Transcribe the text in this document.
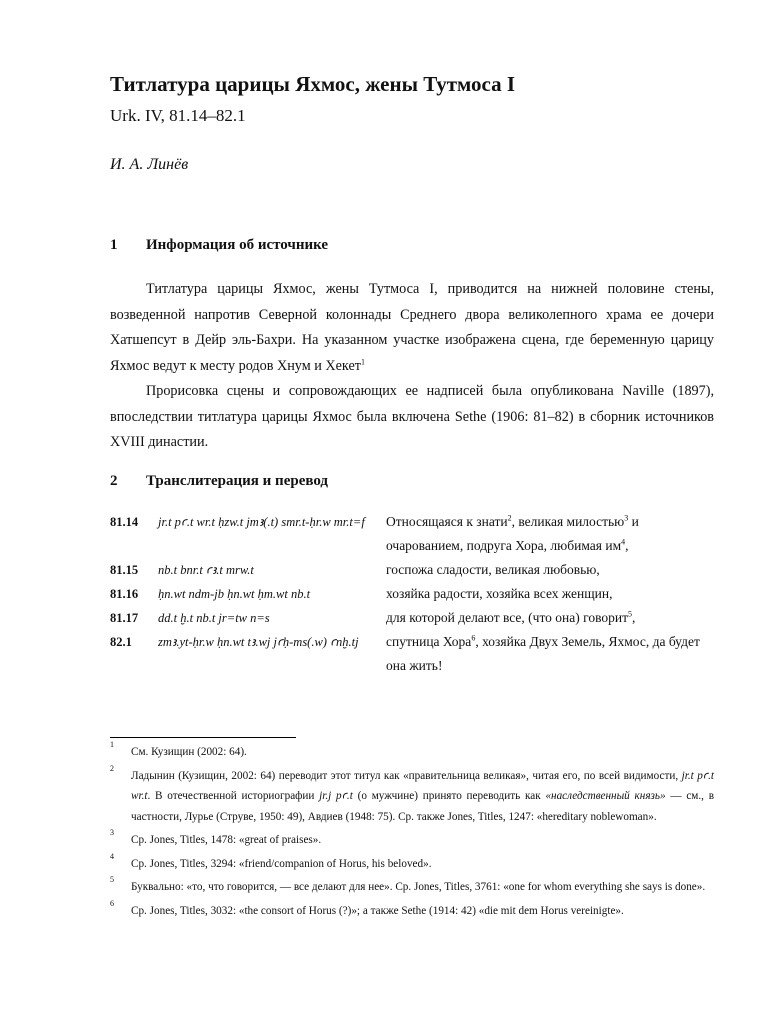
Титлатура царицы Яхмос, жены Тутмоса I
Urk. IV, 81.14–82.1
И. А. Линёв
1 Информация об источнике

Титлатура царицы Яхмос, жены Тутмоса I, приводится на нижней половине стены, возведенной напротив Северной колоннады Среднего двора великолепного храма ее дочери Хатшепсут в Дейр эль-Бахри. На указанном участке изображена сцена, где беременную царицу Яхмос ведут к месту родов Хнум и Хекет$^1$

Прорисовка сцены и сопровождающих ее надписей была опубликована Naville (1897), впоследствии титлатура царицы Яхмос была включена Sethe (1906: 81–82) в сборник источников XVIII династии.

2 Транслитерация и перевод
81.14	jr.t pꜥ.t wr.t ḥzw.t jmꜣ(.t) smr.t-ḥr.w mr.t=f	Относящаяся к знати$^2$, великая милостью$^3$ и очарованием, подруга Хора, любимая $им^4$,
81.15	nb.t bnr.t ꜥꜣ.t mrw.t	госпожа сладости, великая любовью,
81.16	ḥn.wt ndm-jb ḥn.wt ḥm.wt nb.t	хозяйка радости, хозяйка всех женщин,
81.17	dd.t ḫ.t nb.t jr=tw n=s	для которой делают все, (что она) говорит$^5$,
82.1	zmꜣ.yt-ḥr.w ḥn.wt tꜣ.wj jꜥḥ-ms(.w) ꜥnḫ.tj	спутница Хора$^6$, хозяйка Двух Земель, Яхмос, да будет она жить!
1
См. Кузищин (2002: 64).
2
Ладынин (Кузищин, 2002: 64) переводит этот титул как «правительница великая», читая его, по всей видимости, jr.t pꜥ.t wr.t. В отечественной историографии jr.j pꜥ.t (о мужчине) принято переводить как «наследственный князь» — см., в частности, Лурье (Струве, 1950: 49), Авдиев (1948: 75). Cp. также Jones, Titles, 1247: «hereditary noblewoman».
3
Cp. Jones, Titles, 1478: «great of praises».
4
Cp. Jones, Titles, 3294: «friend/companion of Horus, his beloved».
5
Буквально: «то, что говорится, — все делают для нее». Cp. Jones, Titles, 3761: «one for whom everything she says is done».
6
Cp. Jones, Titles, 3032: «the consort of Horus (?)»; а также Sethe (1914: 42) «die mit dem Horus vereinigte».
